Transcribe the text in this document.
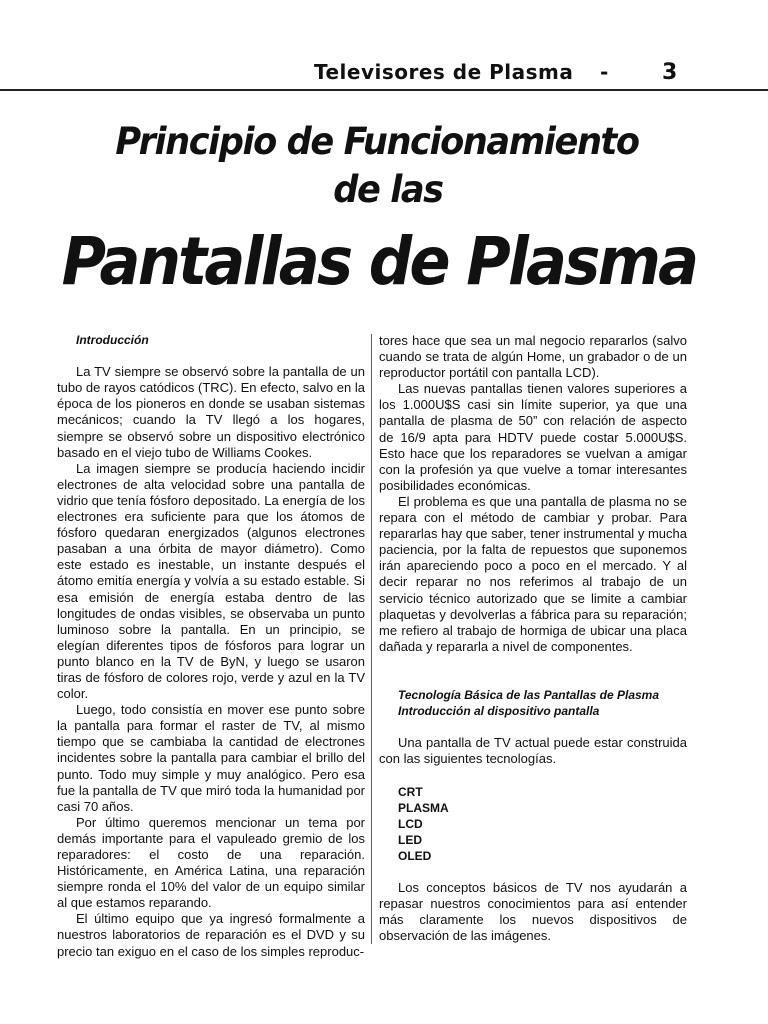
Televisores de Plasma - 3
Principio de Funcionamiento
de las
Pantallas de Plasma
Introducción

La TV siempre se observó sobre la pantalla de un tubo de rayos catódicos (TRC). En efecto, salvo en la época de los pioneros en donde se usaban sistemas mecánicos; cuando la TV llegó a los hogares, siempre se observó sobre un dispositivo electrónico basado en el viejo tubo de Williams Cookes.

La imagen siempre se producía haciendo incidir electrones de alta velocidad sobre una pantalla de vidrio que tenía fósforo depositado. La energía de los electrones era suficiente para que los átomos de fósforo quedaran energizados (algunos electrones pasaban a una órbita de mayor diámetro). Como este estado es inestable, un instante después el átomo emitía energía y volvía a su estado estable. Si esa emisión de energía estaba dentro de las longitudes de ondas visibles, se observaba un punto luminoso sobre la pantalla. En un principio, se elegían diferentes tipos de fósforos para lograr un punto blanco en la TV de ByN, y luego se usaron tiras de fósforo de colores rojo, verde y azul en la TV color.

Luego, todo consistía en mover ese punto sobre la pantalla para formar el raster de TV, al mismo tiempo que se cambiaba la cantidad de electrones incidentes sobre la pantalla para cambiar el brillo del punto. Todo muy simple y muy analógico. Pero esa fue la pantalla de TV que miró toda la humanidad por casi 70 años.

Por último queremos mencionar un tema por demás importante para el vapuleado gremio de los reparadores: el costo de una reparación. Históricamente, en América Latina, una reparación siempre ronda el 10% del valor de un equipo similar al que estamos reparando.

El último equipo que ya ingresó formalmente a nuestros laboratorios de reparación es el DVD y su precio tan exiguo en el caso de los simples reproduc-

tores hace que sea un mal negocio repararlos (salvo cuando se trata de algún Home, un grabador o de un reproductor portátil con pantalla LCD).

Las nuevas pantallas tienen valores superiores a los 1.000U$S casi sin límite superior, ya que una pantalla de plasma de 50” con relación de aspecto de 16/9 apta para HDTV puede costar 5.000U$S. Esto hace que los reparadores se vuelvan a amigar con la profesión ya que vuelve a tomar interesantes posibilidades económicas.

El problema es que una pantalla de plasma no se repara con el método de cambiar y probar. Para repararlas hay que saber, tener instrumental y mucha paciencia, por la falta de repuestos que suponemos irán apareciendo poco a poco en el mercado. Y al decir reparar no nos referimos al trabajo de un servicio técnico autorizado que se limite a cambiar plaquetas y devolverlas a fábrica para su reparación; me refiero al trabajo de hormiga de ubicar una placa dañada y repararla a nivel de componentes.

Tecnología Básica de las Pantallas de Plasma
Introducción al dispositivo pantalla

Una pantalla de TV actual puede estar construida con las siguientes tecnologías.

CRT
PLASMA
LCD
LED
OLED

Los conceptos básicos de TV nos ayudarán a repasar nuestros conocimientos para así entender más claramente los nuevos dispositivos de observación de las imágenes.
